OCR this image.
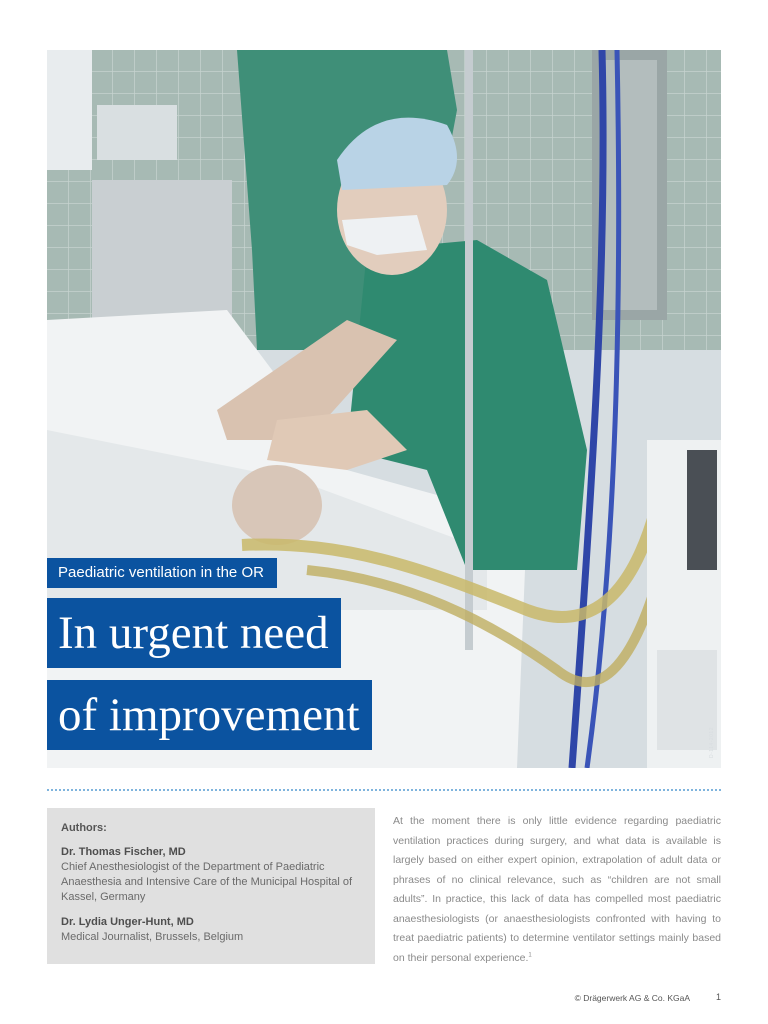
D-114-2012
Paediatric ventilation in the OR
In urgent need
of improvement
Authors:
Dr. Thomas Fischer, MD
Chief Anesthesiologist of the Department of Paediatric Anaesthesia and Intensive Care of the Municipal Hospital of Kassel, Germany
Dr. Lydia Unger-Hunt, MD
Medical Journalist, Brussels, Belgium
At the moment there is only little evidence regarding paediatric ventilation practices during surgery, and what data is available is largely based on either expert opinion, extrapolation of adult data or phrases of no clinical relevance, such as “children are not small adults”. In practice, this lack of data has compelled most paediatric anaesthesiologists (or anaesthesiologists confronted with having to treat paediatric patients) to determine ventilator settings mainly based on their personal experience.$^1$
© Drägerwerk AG & Co. KGaA	1
